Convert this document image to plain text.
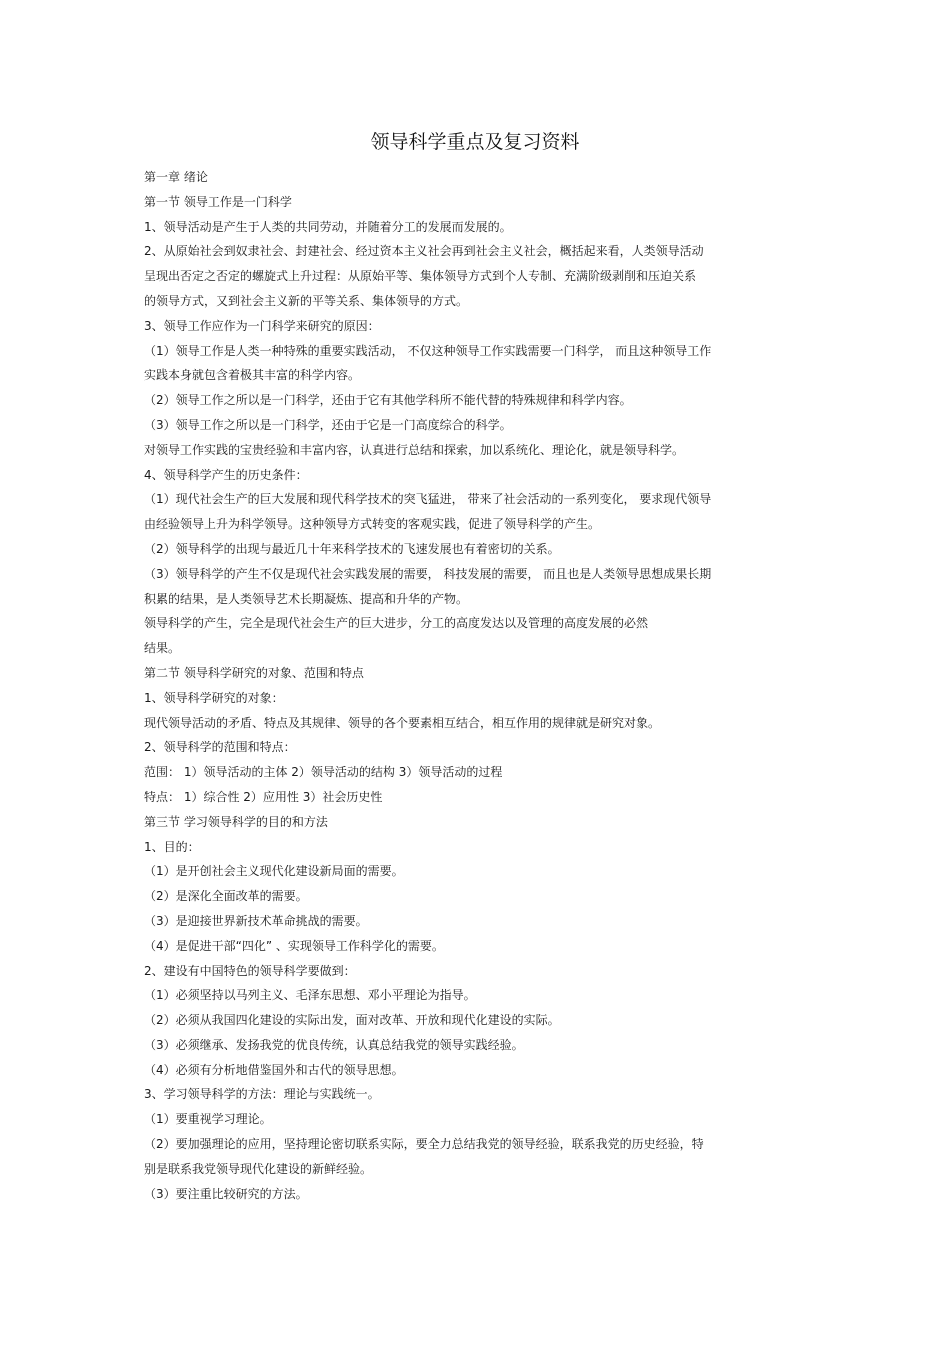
领导科学重点及复习资料
第一章 绪论
第一节 领导工作是一门科学
1、领导活动是产生于人类的共同劳动，并随着分工的发展而发展的。
2、从原始社会到奴隶社会、封建社会、经过资本主义社会再到社会主义社会，概括起来看，人类领导活动
呈现出否定之否定的螺旋式上升过程：从原始平等、集体领导方式到个人专制、充满阶级剥削和压迫关系
的领导方式，又到社会主义新的平等关系、集体领导的方式。
3、领导工作应作为一门科学来研究的原因：
（1）领导工作是人类一种特殊的重要实践活动， 不仅这种领导工作实践需要一门科学， 而且这种领导工作
实践本身就包含着极其丰富的科学内容。
（2）领导工作之所以是一门科学，还由于它有其他学科所不能代替的特殊规律和科学内容。
（3）领导工作之所以是一门科学，还由于它是一门高度综合的科学。
对领导工作实践的宝贵经验和丰富内容，认真进行总结和探索，加以系统化、理论化，就是领导科学。
4、领导科学产生的历史条件：
（1）现代社会生产的巨大发展和现代科学技术的突飞猛进， 带来了社会活动的一系列变化， 要求现代领导
由经验领导上升为科学领导。这种领导方式转变的客观实践，促进了领导科学的产生。
（2）领导科学的出现与最近几十年来科学技术的飞速发展也有着密切的关系。
（3）领导科学的产生不仅是现代社会实践发展的需要， 科技发展的需要， 而且也是人类领导思想成果长期
积累的结果，是人类领导艺术长期凝炼、提高和升华的产物。
领导科学的产生，完全是现代社会生产的巨大进步，分工的高度发达以及管理的高度发展的必然
结果。
第二节 领导科学研究的对象、范围和特点
1、领导科学研究的对象：
现代领导活动的矛盾、特点及其规律、领导的各个要素相互结合，相互作用的规律就是研究对象。
2、领导科学的范围和特点：
范围： 1）领导活动的主体 2）领导活动的结构 3）领导活动的过程
特点： 1）综合性 2）应用性 3）社会历史性
第三节 学习领导科学的目的和方法
1、目的：
（1）是开创社会主义现代化建设新局面的需要。
（2）是深化全面改革的需要。
（3）是迎接世界新技术革命挑战的需要。
（4）是促进干部“四化” 、实现领导工作科学化的需要。
2、建设有中国特色的领导科学要做到：
（1）必须坚持以马列主义、毛泽东思想、邓小平理论为指导。
（2）必须从我国四化建设的实际出发，面对改革、开放和现代化建设的实际。
（3）必须继承、发扬我党的优良传统，认真总结我党的领导实践经验。
（4）必须有分析地借鉴国外和古代的领导思想。
3、学习领导科学的方法：理论与实践统一。
（1）要重视学习理论。
（2）要加强理论的应用，坚持理论密切联系实际，要全力总结我党的领导经验，联系我党的历史经验，特
别是联系我党领导现代化建设的新鲜经验。
（3）要注重比较研究的方法。
